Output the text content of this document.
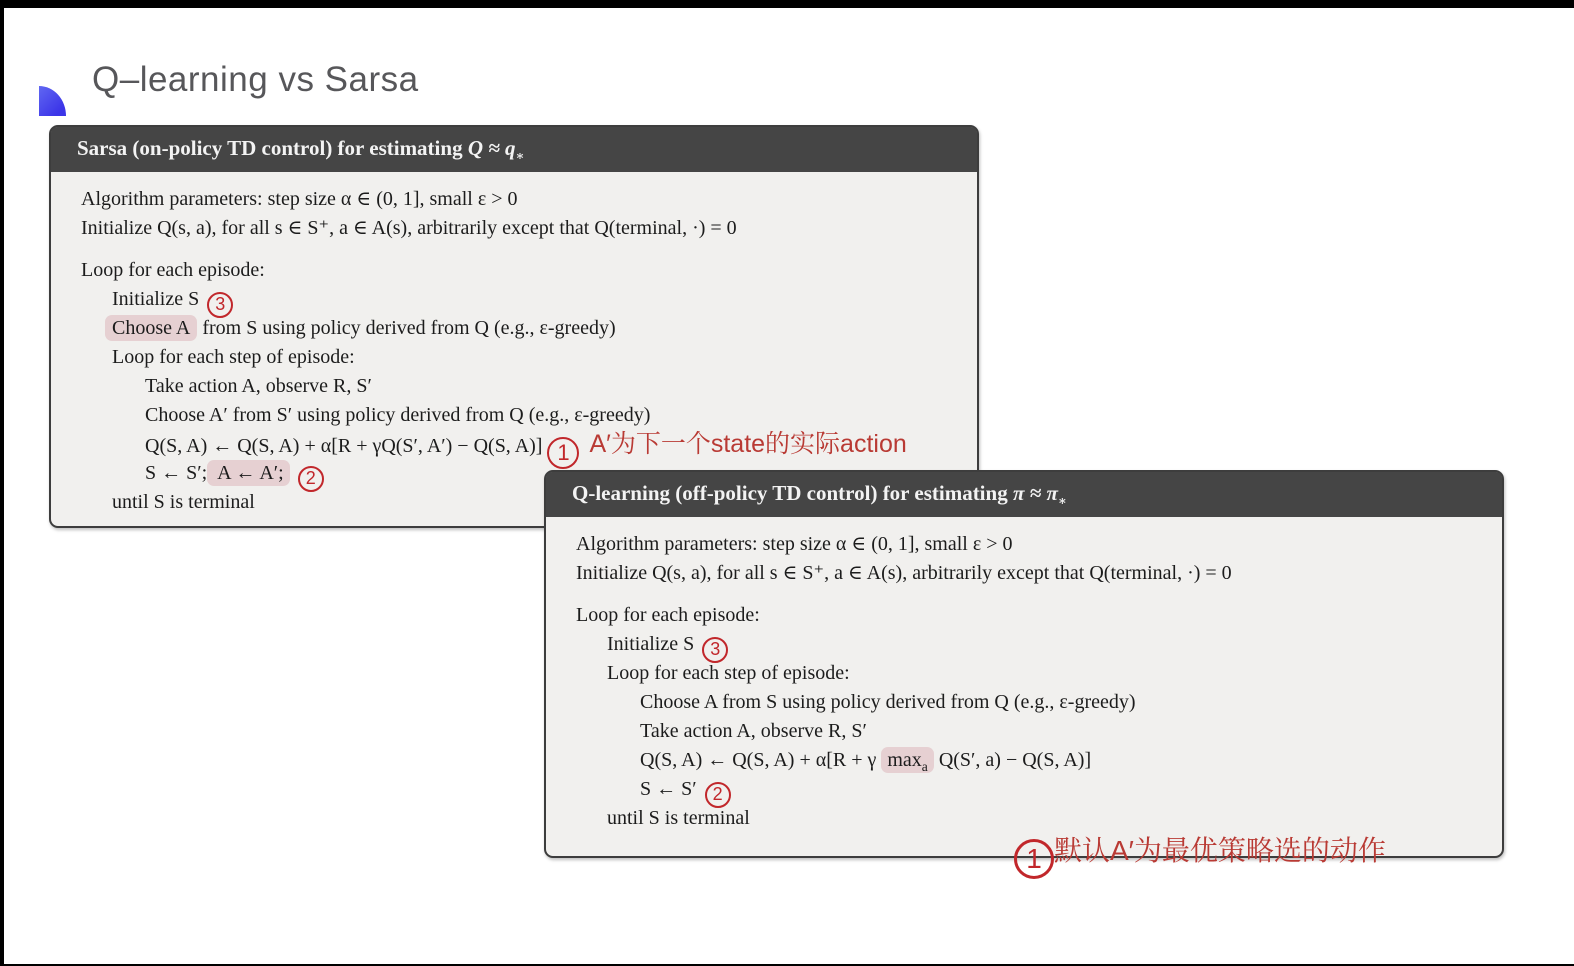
Q–learning vs Sarsa
Sarsa (on-policy TD control) for estimating $Q \approx q_∗$
Algorithm parameters: step size α ∈ (0, 1], small ε > 0
Initialize Q(s, a), for all s ∈ S⁺, a ∈ A(s), arbitrarily except that Q(terminal, ·) = 0
Loop for each episode:
Initialize S 3
Choose A from S using policy derived from Q (e.g., ε-greedy)
Loop for each step of episode:
Take action A, observe R, S′
Choose A′ from S′ using policy derived from Q (e.g., ε-greedy)
Q(S, A) ← Q(S, A) + α[R + γQ(S′, A′) − Q(S, A)] 1 A′为下一个state的实际action
S ← S′; A ← A′; 2
until S is terminal	Q-learning (off-policy TD control) for estimating $\pi \approx \pi_∗$
Algorithm parameters: step size α ∈ (0, 1], small ε > 0
Initialize Q(s, a), for all s ∈ S⁺, a ∈ A(s), arbitrarily except that Q(terminal, ·) = 0
Loop for each episode:
Initialize S 3
Loop for each step of episode:
Choose A from S using policy derived from Q (e.g., ε-greedy)
Take action A, observe R, S′
Q(S, A) ← Q(S, A) + α[R + γ $\max_a Q(S'$, a) − Q(S, A)]
S ← S′ 2
until S is terminal
1 默认A′为最优策略选的动作
